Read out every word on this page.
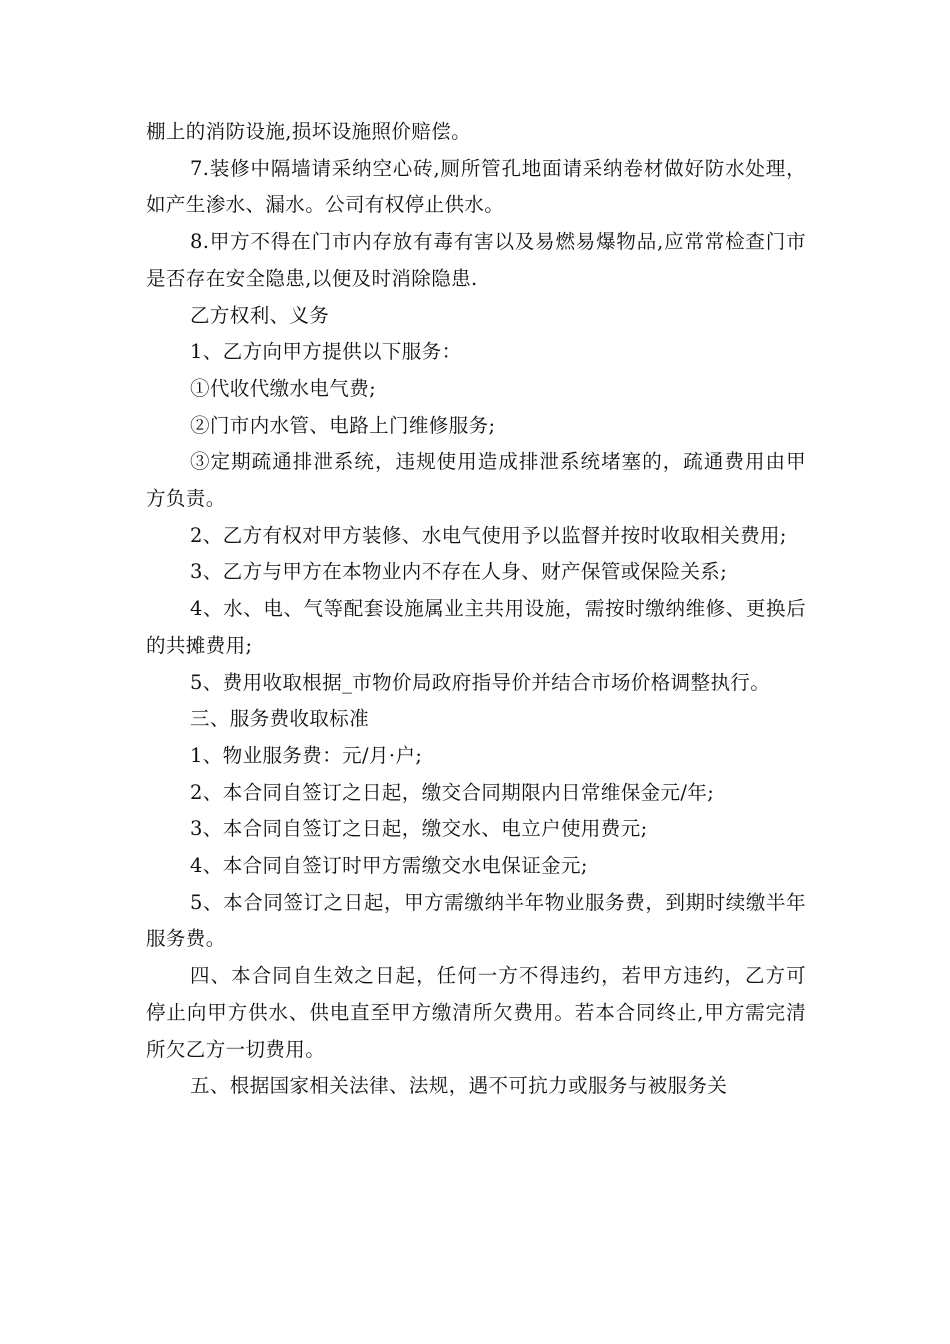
棚上的消防设施,损坏设施照价赔偿。

7.装修中隔墙请采纳空心砖,厕所管孔地面请采纳卷材做好防水处理，如产生渗水、漏水。公司有权停止供水。

8.甲方不得在门市内存放有毒有害以及易燃易爆物品,应常常检查门市是否存在安全隐患,以便及时消除隐患.

乙方权利、义务

1、乙方向甲方提供以下服务：

①代收代缴水电气费;

②门市内水管、电路上门维修服务;

③定期疏通排泄系统，违规使用造成排泄系统堵塞的，疏通费用由甲方负责。

2、乙方有权对甲方装修、水电气使用予以监督并按时收取相关费用;

3、乙方与甲方在本物业内不存在人身、财产保管或保险关系;

4、水、电、气等配套设施属业主共用设施，需按时缴纳维修、更换后的共摊费用;

5、费用收取根据_市物价局政府指导价并结合市场价格调整执行。

三、服务费收取标准

1、物业服务费：元/月·户;

2、本合同自签订之日起，缴交合同期限内日常维保金元/年;

3、本合同自签订之日起，缴交水、电立户使用费元;

4、本合同自签订时甲方需缴交水电保证金元;

5、本合同签订之日起，甲方需缴纳半年物业服务费，到期时续缴半年服务费。

四、本合同自生效之日起，任何一方不得违约，若甲方违约，乙方可停止向甲方供水、供电直至甲方缴清所欠费用。若本合同终止,甲方需完清所欠乙方一切费用。

五、根据国家相关法律、法规，遇不可抗力或服务与被服务关
